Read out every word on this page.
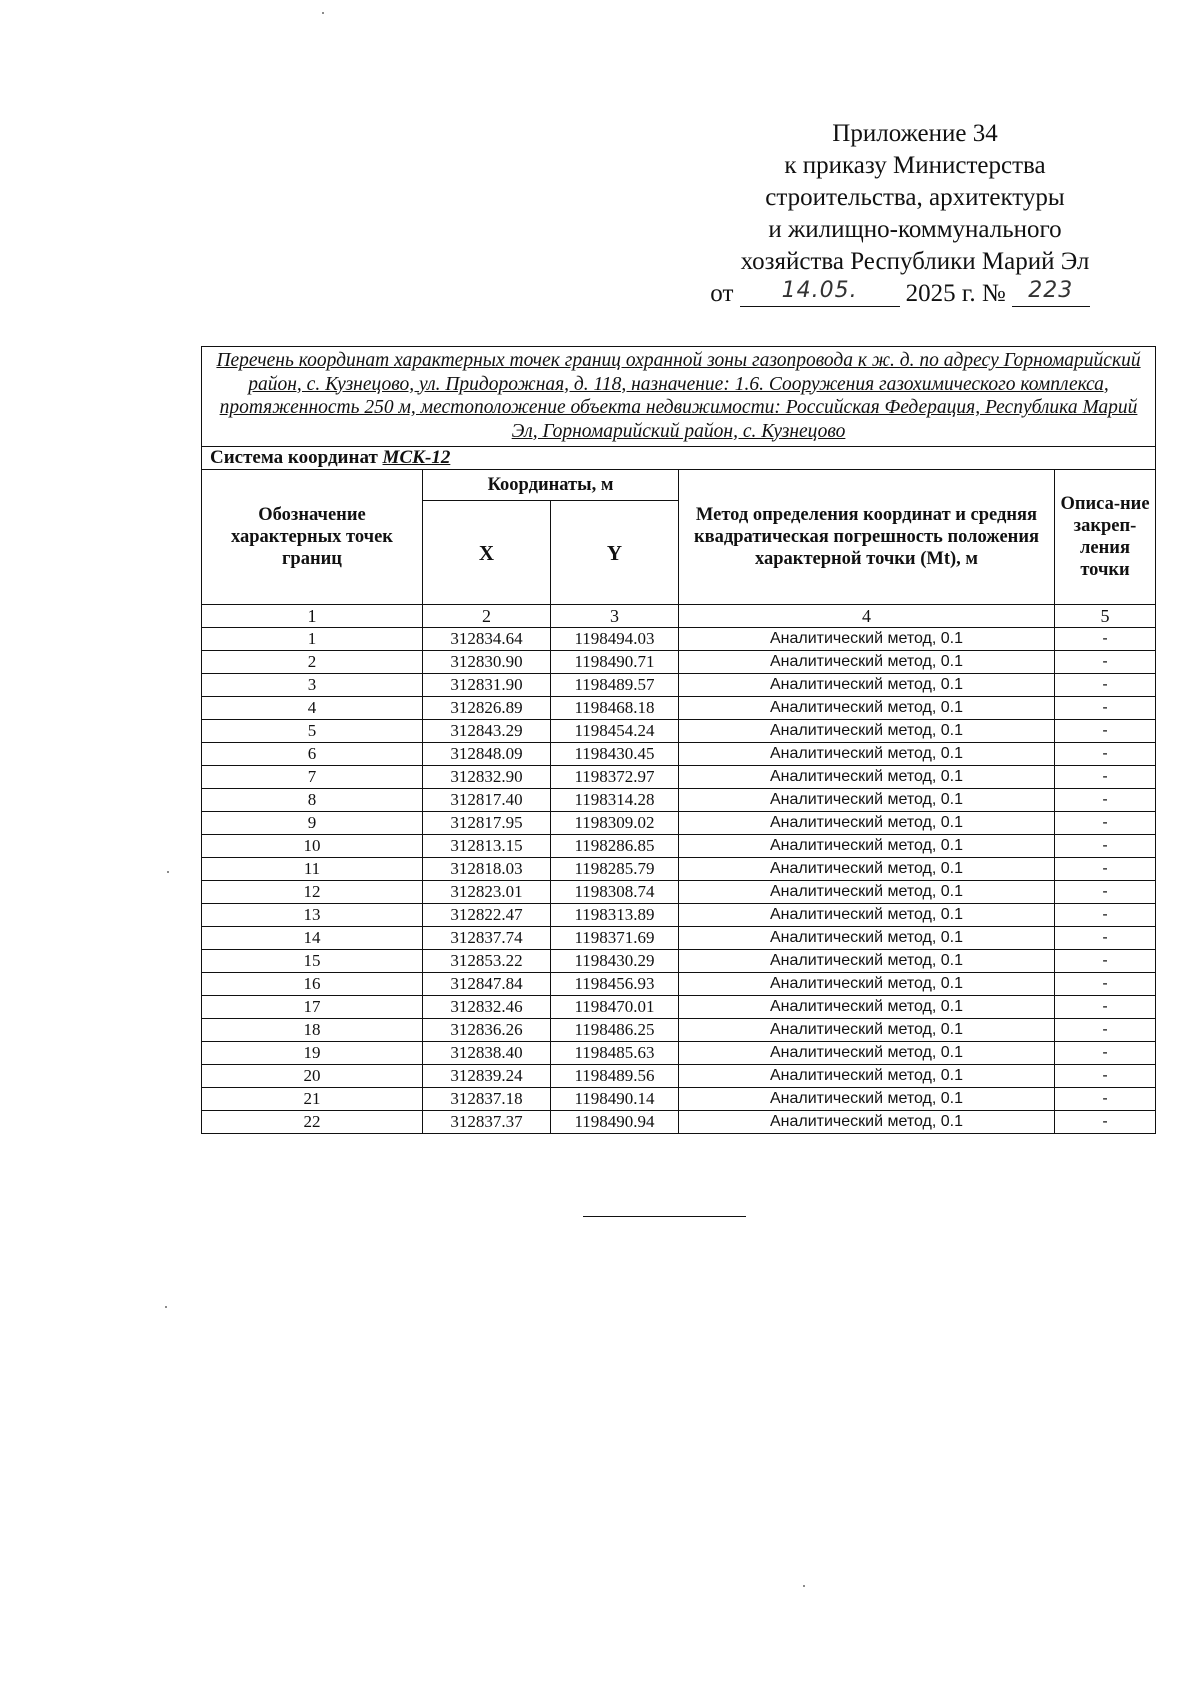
Приложение 34
к приказу Министерства
строительства, архитектуры
и жилищно-коммунального
хозяйства Республики Марий Эл
от 14.05. 2025 г. № 223
Перечень координат характерных точек границ охранной зоны газопровода к ж. д. по адресу Горномарийский район, с. Кузнецово, ул. Придорожная, д. 118, назначение: 1.6. Сооружения газохимического комплекса, протяженность 250 м, местоположение объекта недвижимости: Российская Федерация, Республика Марий Эл, Горномарийский район, с. Кузнецово				
Система координат МСК-12				
Обозначение характерных точек границ	Координаты, м		Метод определения координат и средняя квадратическая погрешность положения характерной точки (Mt), м	Описа-ние закреп-ления точки
	X	Y		
1	2	3	4	5
1	312834.64	1198494.03	Аналитический метод, 0.1	-
2	312830.90	1198490.71	Аналитический метод, 0.1	-
3	312831.90	1198489.57	Аналитический метод, 0.1	-
4	312826.89	1198468.18	Аналитический метод, 0.1	-
5	312843.29	1198454.24	Аналитический метод, 0.1	-
6	312848.09	1198430.45	Аналитический метод, 0.1	-
7	312832.90	1198372.97	Аналитический метод, 0.1	-
8	312817.40	1198314.28	Аналитический метод, 0.1	-
9	312817.95	1198309.02	Аналитический метод, 0.1	-
10	312813.15	1198286.85	Аналитический метод, 0.1	-
11	312818.03	1198285.79	Аналитический метод, 0.1	-
12	312823.01	1198308.74	Аналитический метод, 0.1	-
13	312822.47	1198313.89	Аналитический метод, 0.1	-
14	312837.74	1198371.69	Аналитический метод, 0.1	-
15	312853.22	1198430.29	Аналитический метод, 0.1	-
16	312847.84	1198456.93	Аналитический метод, 0.1	-
17	312832.46	1198470.01	Аналитический метод, 0.1	-
18	312836.26	1198486.25	Аналитический метод, 0.1	-
19	312838.40	1198485.63	Аналитический метод, 0.1	-
20	312839.24	1198489.56	Аналитический метод, 0.1	-
21	312837.18	1198490.14	Аналитический метод, 0.1	-
22	312837.37	1198490.94	Аналитический метод, 0.1	-
